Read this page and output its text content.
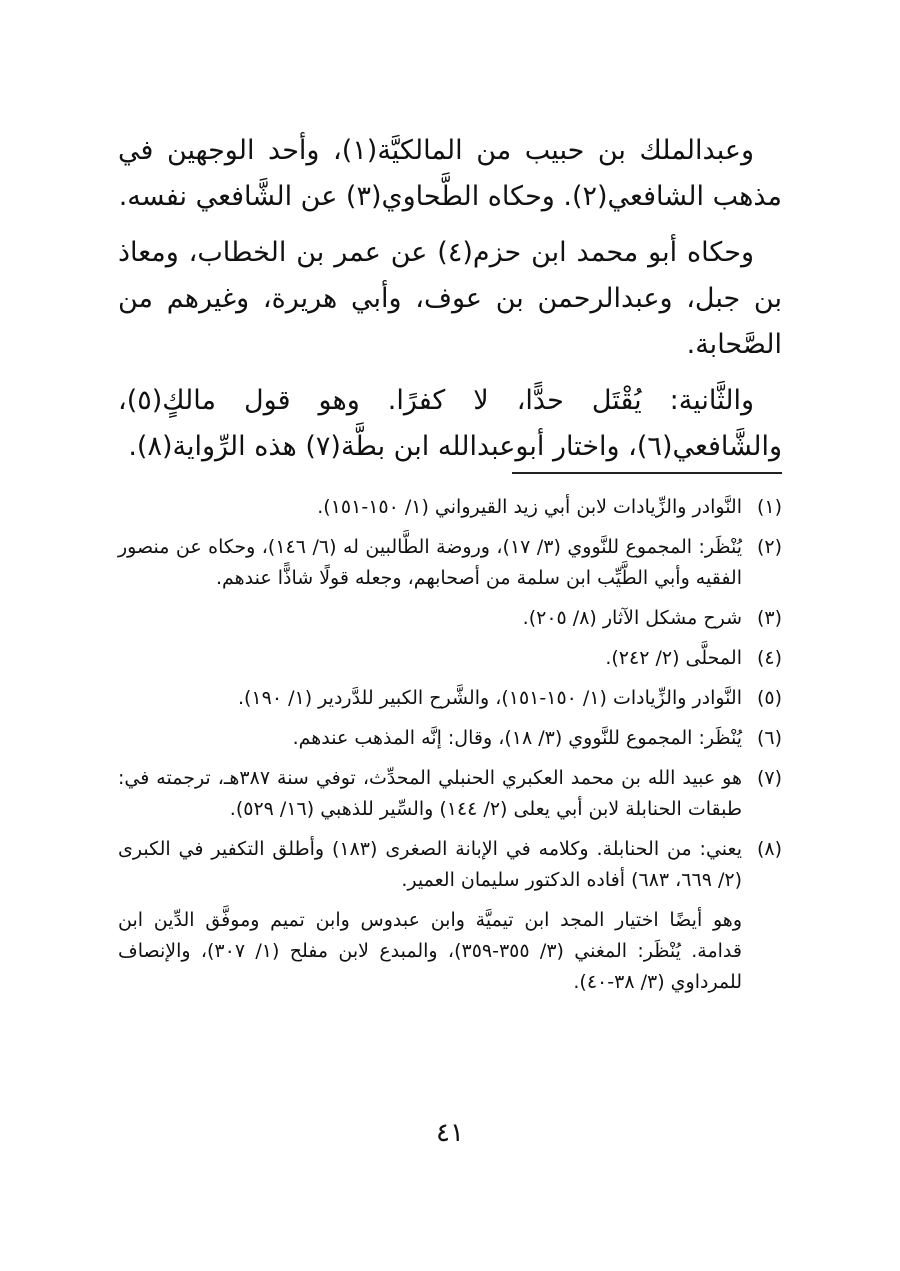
وعبدالملك بن حبيب من المالكيَّة(١)، وأحد الوجهين في مذهب الشافعي(٢). وحكاه الطَّحاوي(٣) عن الشَّافعي نفسه.

وحكاه أبو محمد ابن حزم(٤) عن عمر بن الخطاب، ومعاذ بن جبل، وعبدالرحمن بن عوف، وأبي هريرة، وغيرهم من الصَّحابة.

والثَّانية: يُقْتَل حدًّا، لا كفرًا. وهو قول مالكٍ(٥)، والشَّافعي(٦)، واختار أبوعبدالله ابن بطَّة(٧) هذه الرِّواية(٨).

(١)
النَّوادر والزِّيادات لابن أبي زيد القيرواني (١/ ١٥٠-١٥١).
(٢)
يُنْظَر: المجموع للنَّووي (٣/ ١٧)، وروضة الطَّالبين له (٦/ ١٤٦)، وحكاه عن منصور الفقيه وأبي الطَّيِّب ابن سلمة من أصحابهم، وجعله قولًا شاذًّا عندهم.
(٣)
شرح مشكل الآثار (٨/ ٢٠٥).
(٤)
المحلَّى (٢/ ٢٤٢).
(٥)
النَّوادر والزِّيادات (١/ ١٥٠-١٥١)، والشَّرح الكبير للدَّردير (١/ ١٩٠).
(٦)
يُنْظَر: المجموع للنَّووي (٣/ ١٨)، وقال: إنَّه المذهب عندهم.
(٧)
هو عبيد الله بن محمد العكبري الحنبلي المحدِّث، توفي سنة ٣٨٧هـ، ترجمته في: طبقات الحنابلة لابن أبي يعلى (٢/ ١٤٤) والسِّير للذهبي (١٦/ ٥٢٩).
(٨)
يعني: من الحنابلة. وكلامه في الإبانة الصغرى (١٨٣) وأطلق التكفير في الكبرى (٢/ ٦٦٩، ٦٨٣) أفاده الدكتور سليمان العمير.
وهو أيضًا اختيار المجد ابن تيميَّة وابن عبدوس وابن تميم وموفَّق الدِّين ابن قدامة. يُنْظَر: المغني (٣/ ٣٥٥-٣٥٩)، والمبدع لابن مفلح (١/ ٣٠٧)، والإنصاف للمرداوي (٣/ ٣٨-٤٠).
٤١
